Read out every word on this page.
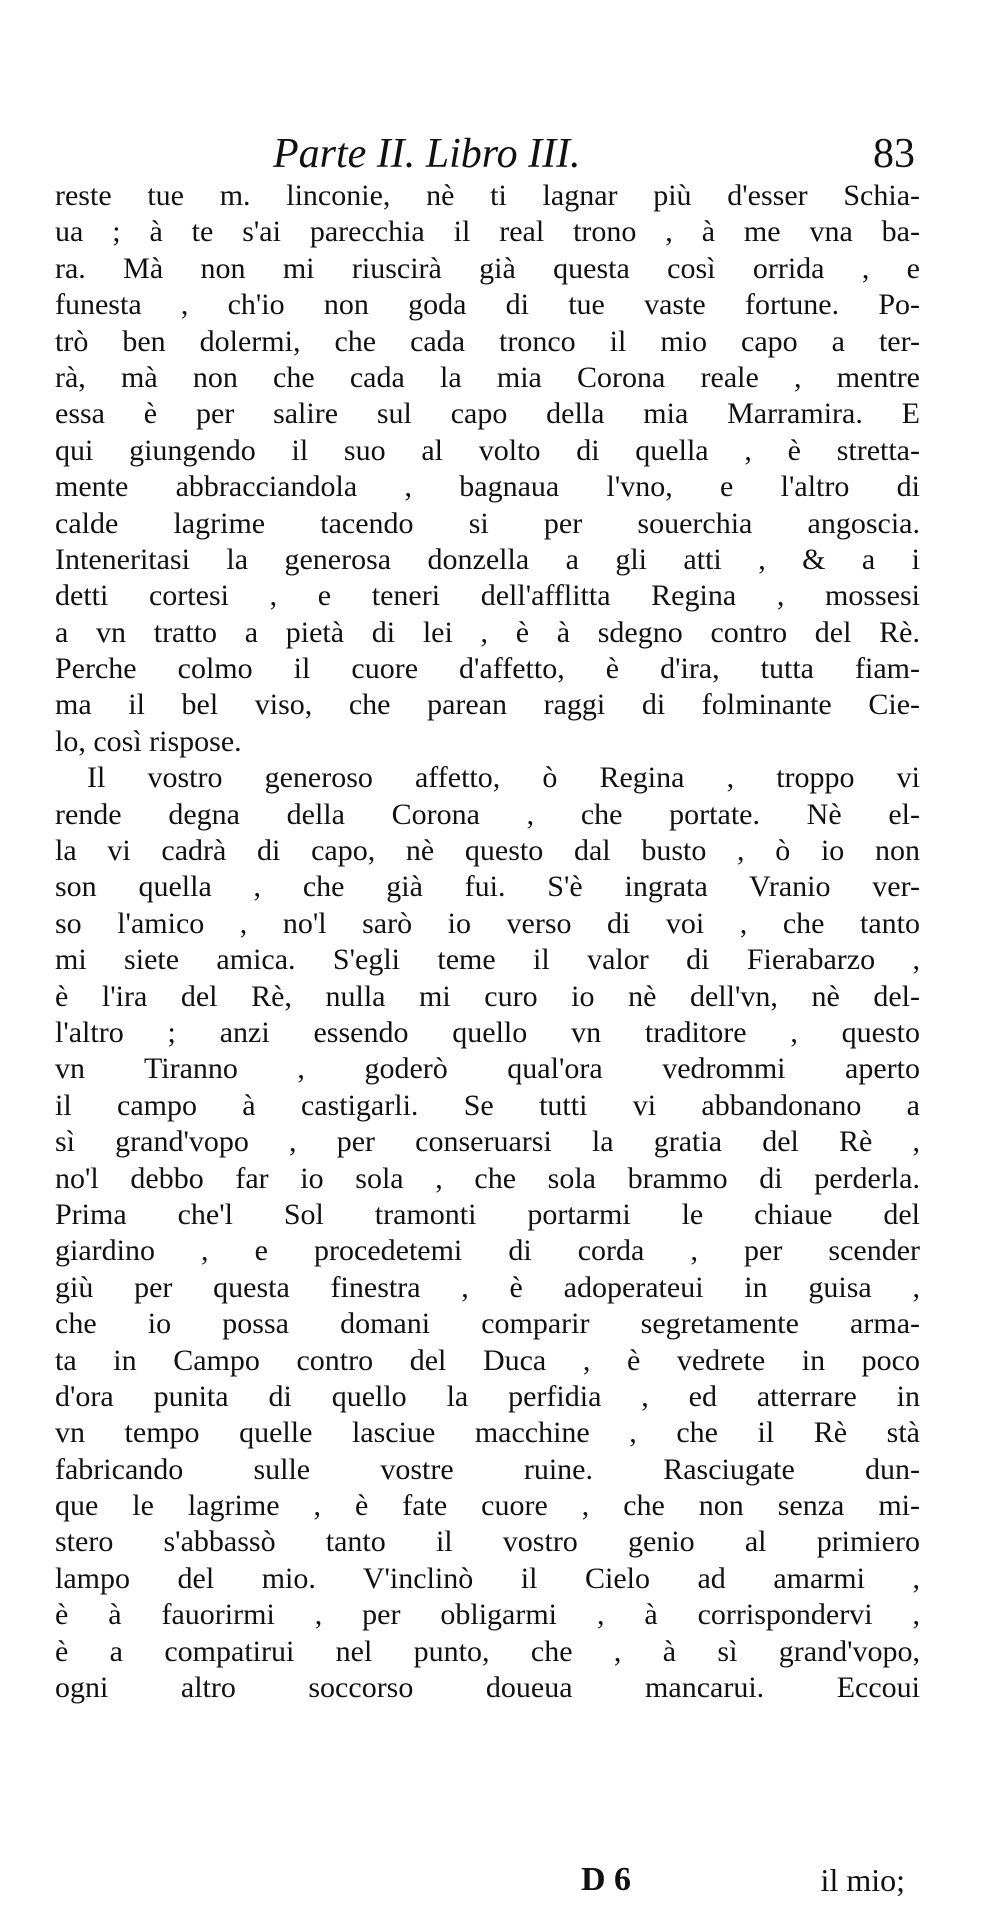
Parte II. Libro III.	83
reste tue m. linconie, nè ti lagnar più d'esser Schia-
ua ; à te s'ai parecchia il real trono , à me vna ba-
ra. Mà non mi riuscirà già questa così orrida , e
funesta , ch'io non goda di tue vaste fortune. Po-
trò ben dolermi, che cada tronco il mio capo a ter-
rà, mà non che cada la mia Corona reale , mentre
essa è per salire sul capo della mia Marramira. E
qui giungendo il suo al volto di quella , è stretta-
mente abbracciandola , bagnaua l'vno, e l'altro di
calde lagrime tacendo si per souerchia angoscia.
Inteneritasi la generosa donzella a gli atti , & a i
detti cortesi , e teneri dell'afflitta Regina , mossesi
a vn tratto a pietà di lei , è à sdegno contro del Rè.
Perche colmo il cuore d'affetto, è d'ira, tutta fiam-
ma il bel viso, che parean raggi di folminante Cie-
lo, così rispose.
Il vostro generoso affetto, ò Regina , troppo vi
rende degna della Corona , che portate. Nè el-
la vi cadrà di capo, nè questo dal busto , ò io non
son quella , che già fui. S'è ingrata Vranio ver-
so l'amico , no'l sarò io verso di voi , che tanto
mi siete amica. S'egli teme il valor di Fierabarzo ,
è l'ira del Rè, nulla mi curo io nè dell'vn, nè del-
l'altro ; anzi essendo quello vn traditore , questo
vn Tiranno , goderò qual'ora vedrommi aperto
il campo à castigarli. Se tutti vi abbandonano a
sì grand'vopo , per conseruarsi la gratia del Rè ,
no'l debbo far io sola , che sola brammo di perderla.
Prima che'l Sol tramonti portarmi le chiaue del
giardino , e procedetemi di corda , per scender
giù per questa finestra , è adoperateui in guisa ,
che io possa domani comparir segretamente arma-
ta in Campo contro del Duca , è vedrete in poco
d'ora punita di quello la perfidia , ed atterrare in
vn tempo quelle lasciue macchine , che il Rè stà
fabricando sulle vostre ruine. Rasciugate dun-
que le lagrime , è fate cuore , che non senza mi-
stero s'abbassò tanto il vostro genio al primiero
lampo del mio. V'inclinò il Cielo ad amarmi ,
è à fauorirmi , per obligarmi , à corrispondervi ,
è a compatirui nel punto, che , à sì grand'vopo,
ogni altro soccorso doueua mancarui. Eccoui
D 6	il mio;
